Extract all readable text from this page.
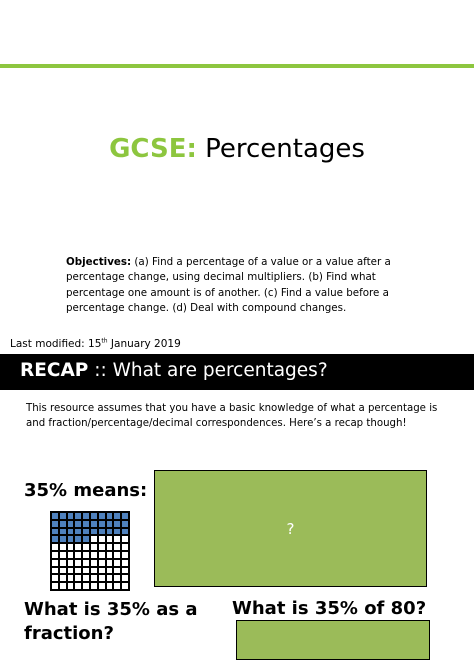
GCSE: Percentages
Objectives: (a) Find a percentage of a value or a value after a percentage change, using decimal multipliers. (b) Find what percentage one amount is of another. (c) Find a value before a percentage change. (d) Deal with compound changes.
Last modified: 15th January 2019
RECAP :: What are percentages?
This resource assumes that you have a basic knowledge of what a percentage is and fraction/percentage/decimal correspondences. Here’s a recap though!
35% means:
?
What is 35% as a fraction?
What is 35% of 80?
